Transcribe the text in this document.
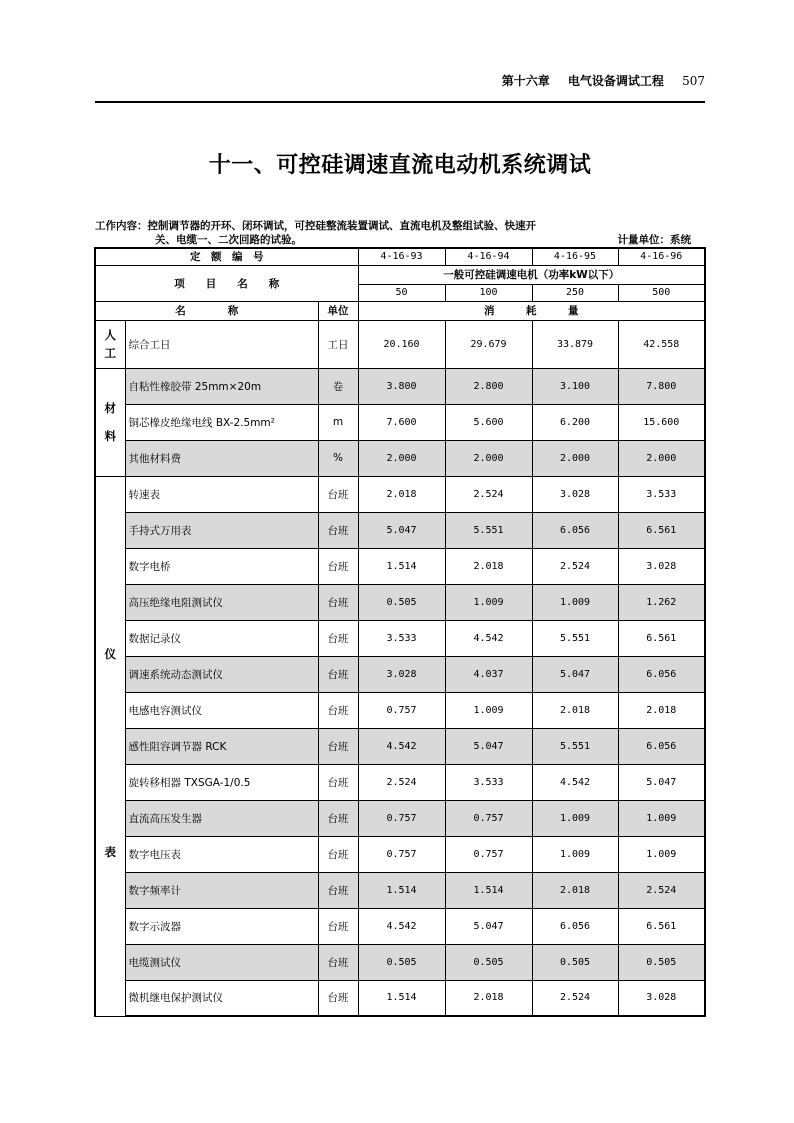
第十六章 电气设备调试工程 507
十一、可控硅调速直流电动机系统调试
工作内容：控制调节器的开环、闭环调试，可控硅整流装置调试、直流电机及整组试验、快速开
关、电缆一、二次回路的试验。	计量单位：系统
定　额　编　号			4-16-93	4-16-94	4-16-95	4-16-96
项　　目　　名　　称			一般可控硅调速电机（功率kW以下）			
			50	100	250	500
名　　　　称		单位	消　　　耗　　　量			

人
工	综合工日	工日	20.160	29.679	33.879	42.558

材
料	自粘性橡胶带 25mm×20m	卷	3.800	2.800	3.100	7.800
	铜芯橡皮绝缘电线 BX-2.5mm²	m	7.600	5.600	6.200	15.600
	其他材料费	%	2.000	2.000	2.000	2.000

仪
表	转速表	台班	2.018	2.524	3.028	3.533
	手持式万用表	台班	5.047	5.551	6.056	6.561
	数字电桥	台班	1.514	2.018	2.524	3.028
	高压绝缘电阻测试仪	台班	0.505	1.009	1.009	1.262
	数据记录仪	台班	3.533	4.542	5.551	6.561
	调速系统动态测试仪	台班	3.028	4.037	5.047	6.056
	电感电容测试仪	台班	0.757	1.009	2.018	2.018
	感性阻容调节器 RCK	台班	4.542	5.047	5.551	6.056
	旋转移相器 TXSGA-1/0.5	台班	2.524	3.533	4.542	5.047
	直流高压发生器	台班	0.757	0.757	1.009	1.009
	数字电压表	台班	0.757	0.757	1.009	1.009
	数字频率计	台班	1.514	1.514	2.018	2.524
	数字示波器	台班	4.542	5.047	6.056	6.561
	电缆测试仪	台班	0.505	0.505	0.505	0.505
	微机继电保护测试仪	台班	1.514	2.018	2.524	3.028
